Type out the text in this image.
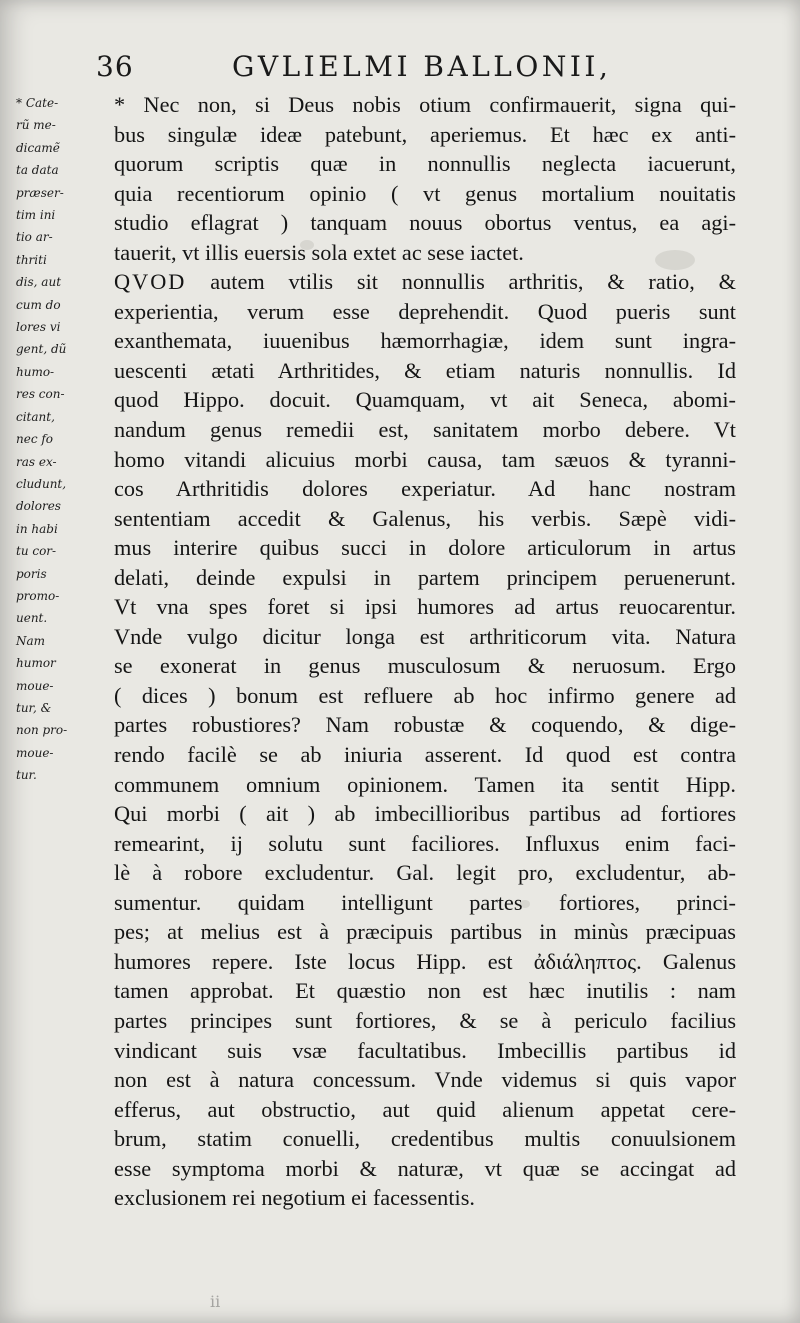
36	GVLIELMI BALLONII,
* Cate-
rũ me-
dicamẽ
ta data
præser-
tim ini
tio ar-
thriti
dis, aut
cum do
lores vi
gent, dũ
humo-
res con-
citant,
nec fo
ras ex-
cludunt,
dolores
in habi
tu cor-
poris
promo-
uent.
Nam
humor
moue-
tur, &
non pro-
moue-
tur.
* Nec non, si Deus nobis otium confirmauerit, signa qui-
bus singulæ ideæ patebunt, aperiemus. Et hæc ex anti-
quorum scriptis quæ in nonnullis neglecta iacuerunt,
quia recentiorum opinio ( vt genus mortalium nouitatis
studio eflagrat ) tanquam nouus obortus ventus, ea agi-
tauerit, vt illis euersis sola extet ac sese iactet.
QVOD autem vtilis sit nonnullis arthritis, & ratio, &
experientia, verum esse deprehendit. Quod pueris sunt
exanthemata, iuuenibus hæmorrhagiæ, idem sunt ingra-
uescenti ætati Arthritides, & etiam naturis nonnullis. Id
quod Hippo. docuit. Quamquam, vt ait Seneca, abomi-
nandum genus remedii est, sanitatem morbo debere. Vt
homo vitandi alicuius morbi causa, tam sæuos & tyranni-
cos Arthritidis dolores experiatur. Ad hanc nostram
sententiam accedit & Galenus, his verbis. Sæpè vidi-
mus interire quibus succi in dolore articulorum in artus
delati, deinde expulsi in partem principem peruenerunt.
Vt vna spes foret si ipsi humores ad artus reuocarentur.
Vnde vulgo dicitur longa est arthriticorum vita. Natura
se exonerat in genus musculosum & neruosum. Ergo
( dices ) bonum est refluere ab hoc infirmo genere ad
partes robustiores? Nam robustæ & coquendo, & dige-
rendo facilè se ab iniuria asserent. Id quod est contra
communem omnium opinionem. Tamen ita sentit Hipp.
Qui morbi ( ait ) ab imbecillioribus partibus ad fortiores
remearint, ij solutu sunt faciliores. Influxus enim faci-
lè à robore excludentur. Gal. legit pro, excludentur, ab-
sumentur. quidam intelligunt partes fortiores, princi-
pes; at melius est à præcipuis partibus in minùs præcipuas
humores repere. Iste locus Hipp. est ἀδιάληπτος. Galenus
tamen approbat. Et quæstio non est hæc inutilis : nam
partes principes sunt fortiores, & se à periculo facilius
vindicant suis vsæ facultatibus. Imbecillis partibus id
non est à natura concessum. Vnde videmus si quis vapor
efferus, aut obstructio, aut quid alienum appetat cere-
brum, statim conuelli, credentibus multis conuulsionem
esse symptoma morbi & naturæ, vt quæ se accingat ad
exclusionem rei negotium ei facessentis.
ii
